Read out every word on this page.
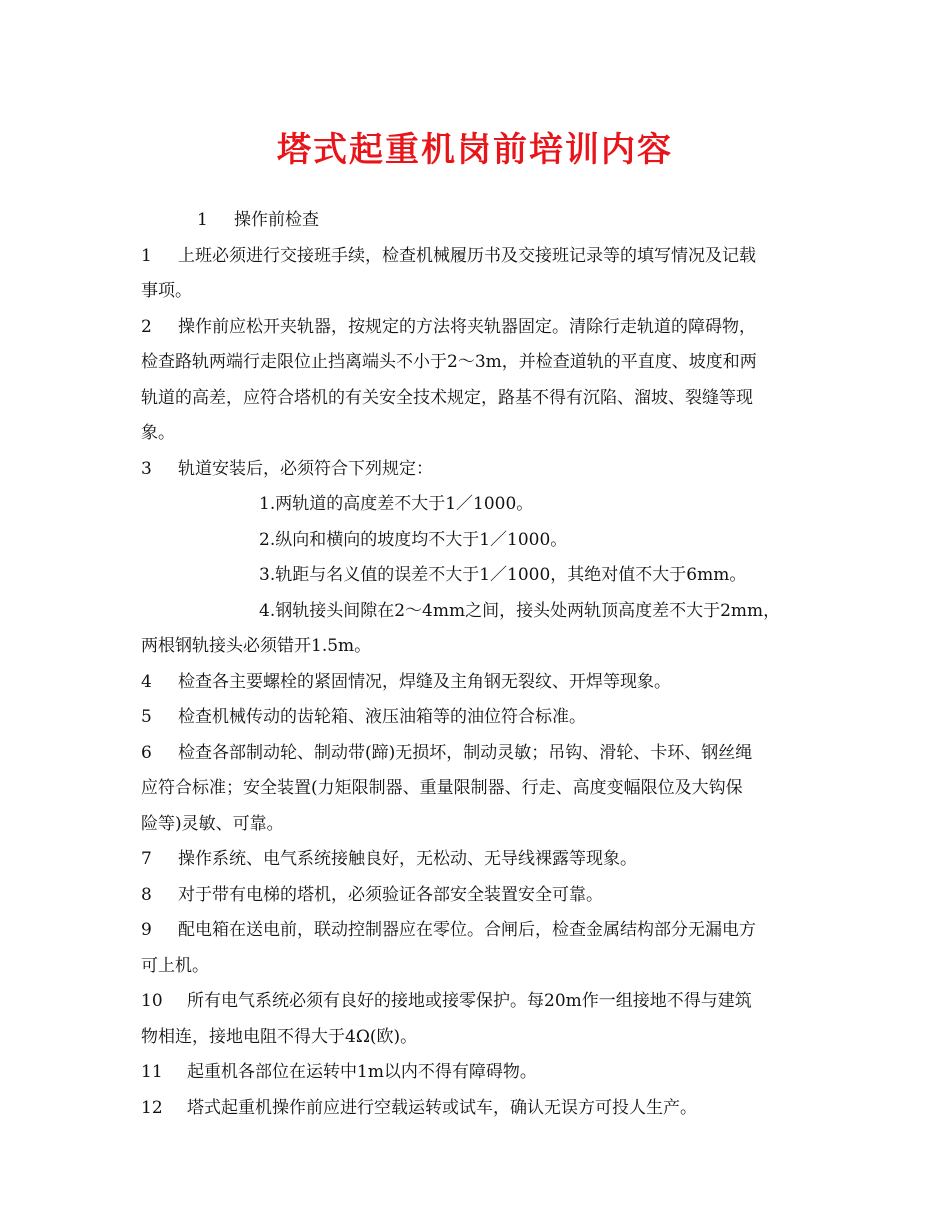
塔式起重机岗前培训内容
1 操作前检查
1 上班必须进行交接班手续，检查机械履历书及交接班记录等的填写情况及记载
事项。
2 操作前应松开夹轨器，按规定的方法将夹轨器固定。清除行走轨道的障碍物，
检查路轨两端行走限位止挡离端头不小于2～3m，并检查道轨的平直度、坡度和两
轨道的高差，应符合塔机的有关安全技术规定，路基不得有沉陷、溜坡、裂缝等现
象。
3 轨道安装后，必须符合下列规定：
1.两轨道的高度差不大于1／1000。
2.纵向和横向的坡度均不大于1／1000。
3.轨距与名义值的误差不大于1／1000，其绝对值不大于6mm。
4.钢轨接头间隙在2～4mm之间，接头处两轨顶高度差不大于2mm，
两根钢轨接头必须错开1.5m。
4 检查各主要螺栓的紧固情况，焊缝及主角钢无裂纹、开焊等现象。
5 检查机械传动的齿轮箱、液压油箱等的油位符合标准。
6 检查各部制动轮、制动带(蹄)无损坏，制动灵敏；吊钩、滑轮、卡环、钢丝绳
应符合标准；安全装置(力矩限制器、重量限制器、行走、高度变幅限位及大钩保
险等)灵敏、可靠。
7 操作系统、电气系统接触良好，无松动、无导线裸露等现象。
8 对于带有电梯的塔机，必须验证各部安全装置安全可靠。
9 配电箱在送电前，联动控制器应在零位。合闸后，检查金属结构部分无漏电方
可上机。
10 所有电气系统必须有良好的接地或接零保护。每20m作一组接地不得与建筑
物相连，接地电阻不得大于4Ω(欧)。
11 起重机各部位在运转中1m以内不得有障碍物。
12 塔式起重机操作前应进行空载运转或试车，确认无误方可投人生产。
